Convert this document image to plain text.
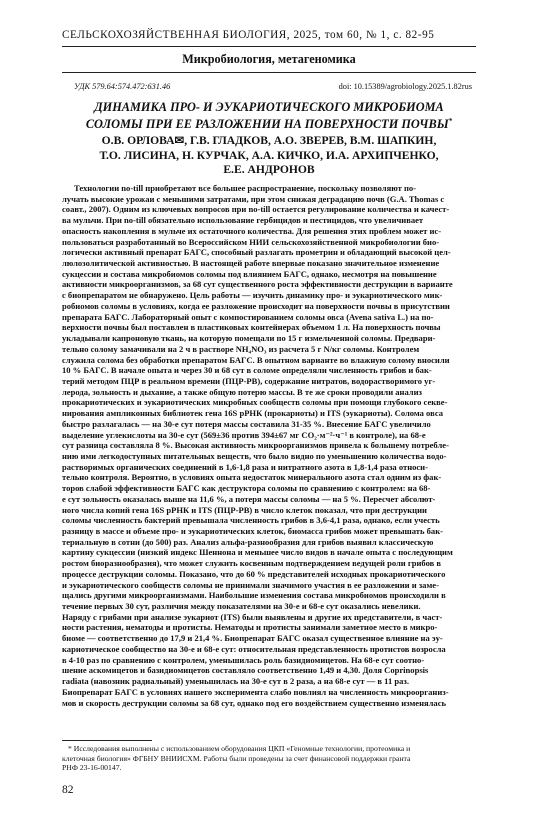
СЕЛЬСКОХОЗЯЙСТВЕННАЯ БИОЛОГИЯ, 2025, том 60, № 1, с. 82-95
Микробиология, метагеномика
УДК 579.64:574.472:631.46	doi: 10.15389/agrobiology.2025.1.82rus
ДИНАМИКА ПРО- И ЭУКАРИОТИЧЕСКОГО МИКРОБИОМА
СОЛОМЫ ПРИ ЕЕ РАЗЛОЖЕНИИ НА ПОВЕРХНОСТИ ПОЧВЫ*
О.В. ОРЛОВА✉, Г.В. ГЛАДКОВ, А.О. ЗВЕРЕВ, В.М. ШАПКИН,
Т.О. ЛИСИНА, Н. КУРЧАК, А.А. КИЧКО, И.А. АРХИПЧЕНКО,
Е.Е. АНДРОНОВ
Технологии no-till приобретают все большее распространение, поскольку позволяют по-
лучать высокие урожаи с меньшими затратами, при этом снижая деградацию почв (G.A. Thomas с
соавт., 2007). Одним из ключевых вопросов при no-till остается регулирование количества и качест-
ва мульчи. При no-till обязательно использование гербицидов и пестицидов, что увеличивает
опасность накопления в мульче их остаточного количества. Для решения этих проблем может ис-
пользоваться разработанный во Всероссийском НИИ сельскохозяйственной микробиологии био-
логически активный препарат БАГС, способный разлагать прометрин и обладающий высокой цел-
люлозолитической активностью. В настоящей работе впервые показано значительное изменение
сукцессии и состава микробиомов соломы под влиянием БАГС, однако, несмотря на повышение
активности микроорганизмов, за 68 сут существенного роста эффективности деструкции в варианте
с биопрепаратом не обнаружено. Цель работы — изучить динамику про- и эукариотического мик-
робиомов соломы в условиях, когда ее разложение происходит на поверхности почвы в присутствии
препарата БАГС. Лабораторный опыт с компостированием соломы овса (Avena sativa L.) на по-
верхности почвы был поставлен в пластиковых контейнерах объемом 1 л. На поверхность почвы
укладывали капроновую ткань, на которую помещали по 15 г измельченной соломы. Предвари-
тельно солому замачивали на 2 ч в растворе NH₄NO₃ из расчета 5 г N/кг соломы. Контролем
служила солома без обработки препаратом БАГС. В опытном варианте во влажную солому вносили
10 % БАГС. В начале опыта и через 30 и 68 сут в соломе определяли численность грибов и бак-
терий методом ПЦР в реальном времени (ПЦР-РВ), содержание нитратов, водорастворимого уг-
лерода, зольность и дыхание, а также общую потерю массы. В те же сроки проводили анализ
прокариотических и эукариотических микробных сообществ соломы при помощи глубокого секве-
нирования ампликонных библиотек гена 16S рРНК (прокариоты) и ITS (эукариоты). Солома овса
быстро разлагалась — на 30-е сут потеря массы составила 31-35 %. Внесение БАГС увеличило
выделение углекислоты на 30-е сут (569±36 против 394±67 мг CO₂·м⁻²·ч⁻¹ в контроле), на 68-е
сут разница составляла 8 %. Высокая активность микроорганизмов привела к большему потребле-
нию ими легкодоступных питательных веществ, что было видно по уменьшению количества водо-
растворимых органических соединений в 1,6-1,8 раза и нитратного азота в 1,8-1,4 раза относи-
тельно контроля. Вероятно, в условиях опыта недостаток минерального азота стал одним из фак-
торов слабой эффективности БАГС как деструктора соломы по сравнению с контролем: на 68-
е сут зольность оказалась выше на 11,6 %, а потеря массы соломы — на 5 %. Пересчет абсолют-
ного числа копий гена 16S рРНК и ITS (ПЦР-РВ) в число клеток показал, что при деструкции
соломы численность бактерий превышала численность грибов в 3,6-4,1 раза, однако, если учесть
разницу в массе и объеме про- и эукариотических клеток, биомасса грибов может превышать бак-
териальную в сотни (до 500) раз. Анализ альфа-разнообразия для грибов выявил классическую
картину сукцессии (низкий индекс Шеннона и меньшее число видов в начале опыта с последующим
ростом биоразнообразия), что может служить косвенным подтверждением ведущей роли грибов в
процессе деструкции соломы. Показано, что до 60 % представителей исходных прокариотического
и эукариотического сообществ соломы не принимали значимого участия в ее разложении и заме-
щались другими микроорганизмами. Наибольшие изменения состава микробиомов происходили в
течение первых 30 сут, различия между показателями на 30-е и 68-е сут оказались невелики.
Наряду с грибами при анализе эукариот (ITS) были выявлены и другие их представители, в част-
ности растения, нематоды и протисты. Нематоды и протисты занимали заметное место в микро-
биоме — соответственно до 17,9 и 21,4 %. Биопрепарат БАГС оказал существенное влияние на эу-
кариотическое сообщество на 30-е и 68-е сут: относительная представленность протистов возросла
в 4-10 раз по сравнению с контролем, уменьшилась роль базидиомицетов. На 68-е сут соотно-
шение аскомицетов и базидиомицетов составляло соответственно 1,49 и 4,30. Доля Coprinopsis
radiata (навозник радиальный) уменьшилась на 30-е сут в 2 раза, а на 68-е сут — в 11 раз.
Биопрепарат БАГС в условиях нашего эксперимента слабо повлиял на численность микроорганиз-
мов и скорость деструкции соломы за 68 сут, однако под его воздействием существенно изменялась
* Исследования выполнены с использованием оборудования ЦКП «Геномные технологии, протеомика и
клеточная биология» ФГБНУ ВНИИСХМ. Работы были проведены за счет финансовой поддержки гранта
РНФ 23-16-00147.
82
